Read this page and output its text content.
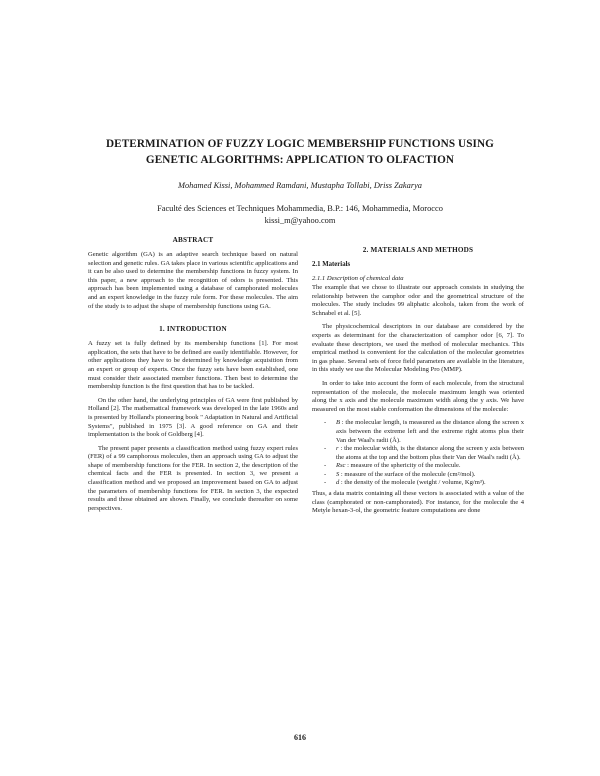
DETERMINATION OF FUZZY LOGIC MEMBERSHIP FUNCTIONS USING
GENETIC ALGORITHMS: APPLICATION TO OLFACTION
Mohamed Kissi, Mohammed Ramdani, Mustapha Tollabi, Driss Zakarya
Faculté des Sciences et Techniques Mohammedia, B.P.: 146, Mohammedia, Morocco
kissi_m@yahoo.com
ABSTRACT

Genetic algorithm (GA) is an adaptive search technique based on natural selection and genetic rules. GA takes place in various scientific applications and it can be also used to determine the membership functions in fuzzy system. In this paper, a new approach to the recognition of odors is presented. This approach has been implemented using a database of camphorated molecules and an expert knowledge in the fuzzy rule form. For these molecules. The aim of the study is to adjust the shape of membership functions using GA.

1. INTRODUCTION

A fuzzy set is fully defined by its membership functions [1]. For most application, the sets that have to be defined are easily identifiable. However, for other applications they have to be determined by knowledge acquisition from an expert or group of experts. Once the fuzzy sets have been established, one must consider their associated member functions. Then best to determine the membership function is the first question that has to be tackled.

On the other hand, the underlying principles of GA were first published by Holland [2]. The mathematical framework was developed in the late 1960s and is presented by Holland's pioneering book " Adaptation in Natural and Artificial Systems", published in 1975 [3]. A good reference on GA and their implementation is the book of Goldberg [4].

The present paper presents a classification method using fuzzy expert rules (FER) of a 99 camphorous molecules, then an approach using GA to adjust the shape of membership functions for the FER. In section 2, the description of the chemical facts and the FER is presented. In section 3, we present a classification method and we proposed an improvement based on GA to adjust the parameters of membership functions for FER. In section 3, the expected results and those obtained are shown. Finally, we conclude thereafter on some perspectives.

2. MATERIALS AND METHODS
2.1 Materials
2.1.1 Description of chemical data

The example that we chose to illustrate our approach consists in studying the relationship between the camphor odor and the geometrical structure of the molecules. The study includes 99 aliphatic alcohols, taken from the work of Schnabel et al. [5].

The physicochemical descriptors in our database are considered by the experts as determinant for the characterization of camphor odor [6, 7]. To evaluate these descriptors, we used the method of molecular mechanics. This empirical method is convenient for the calculation of the molecular geometries in gas phase. Several sets of force field parameters are available in the literature, in this study we use the Molecular Modeling Pro (MMP).

In order to take into account the form of each molecule, from the structural representation of the molecule, the molecule maximum length was oriented along the x axis and the molecule maximum width along the y axis. We have measured on the most stable conformation the dimensions of the molecule:

- B : the molecular length, is measured as the distance along the screen x axis between the extreme left and the extreme right atoms plus their Van der Waal's radii (Å).
- r : the molecular width, is the distance along the screen y axis between the atoms at the top and the bottom plus their Van der Waal's radii (Å).
- Rsc : measure of the sphericity of the molecule.
- S : measure of the surface of the molecule (cm²/mol).
- d : the density of the molecule (weight / volume, Kg/m³).

Thus, a data matrix containing all these vectors is associated with a value of the class (camphorated or non-camphorated). For instance, for the molecule the 4 Metyle hexan-3-ol, the geometric feature computations are done

616
